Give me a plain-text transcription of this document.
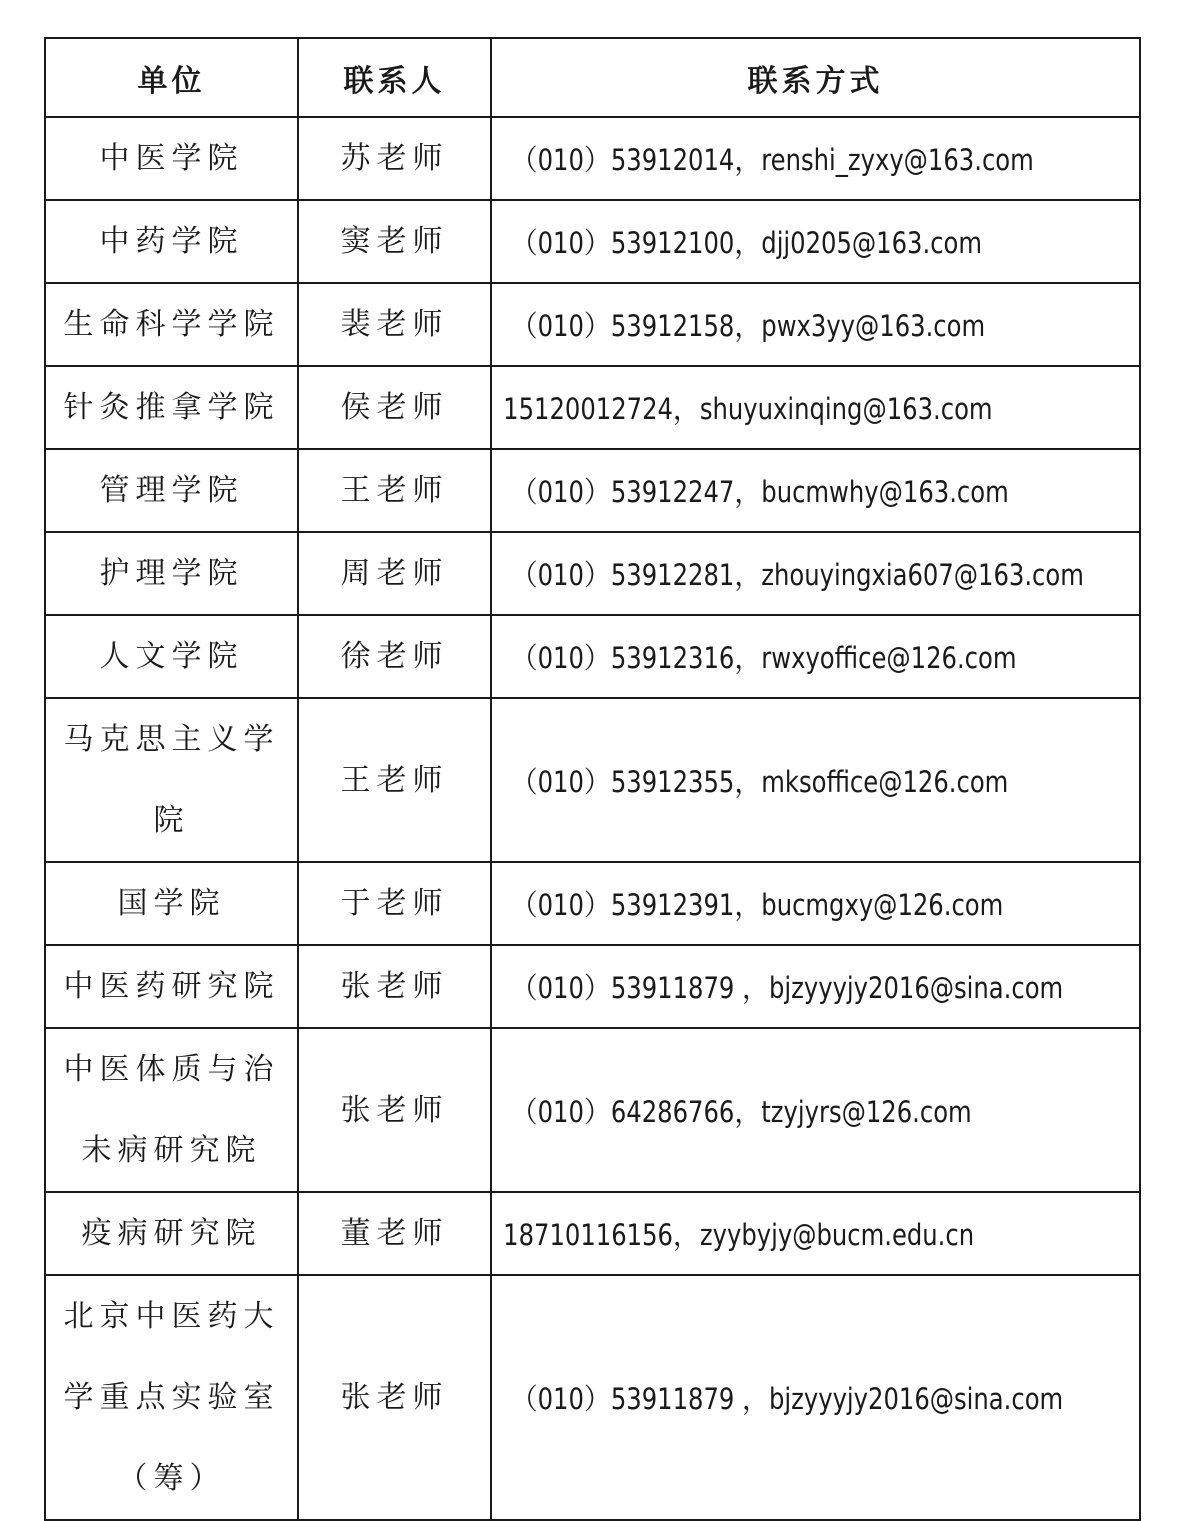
单位	联系人	联系方式
中医学院	苏老师	（010）53912014，renshi_zyxy@163.com
中药学院	窦老师	（010）53912100，djj0205@163.com
生命科学学院	裴老师	（010）53912158，pwx3yy@163.com
针灸推拿学院	侯老师	15120012724，shuyuxinqing@163.com
管理学院	王老师	（010）53912247，bucmwhy@163.com
护理学院	周老师	（010）53912281，zhouyingxia607@163.com
人文学院	徐老师	（010）53912316，rwxyoffice@126.com
马克思主义学院	王老师	（010）53912355，mksoffice@126.com
国学院	于老师	（010）53912391，bucmgxy@126.com
中医药研究院	张老师	（010）53911879 ，bjzyyyjy2016@sina.com
中医体质与治未病研究院	张老师	（010）64286766，tzyjyrs@126.com
疫病研究院	董老师	18710116156，zyybyjy@bucm.edu.cn
北京中医药大学重点实验室（筹）	张老师	（010）53911879 ，bjzyyyjy2016@sina.com
